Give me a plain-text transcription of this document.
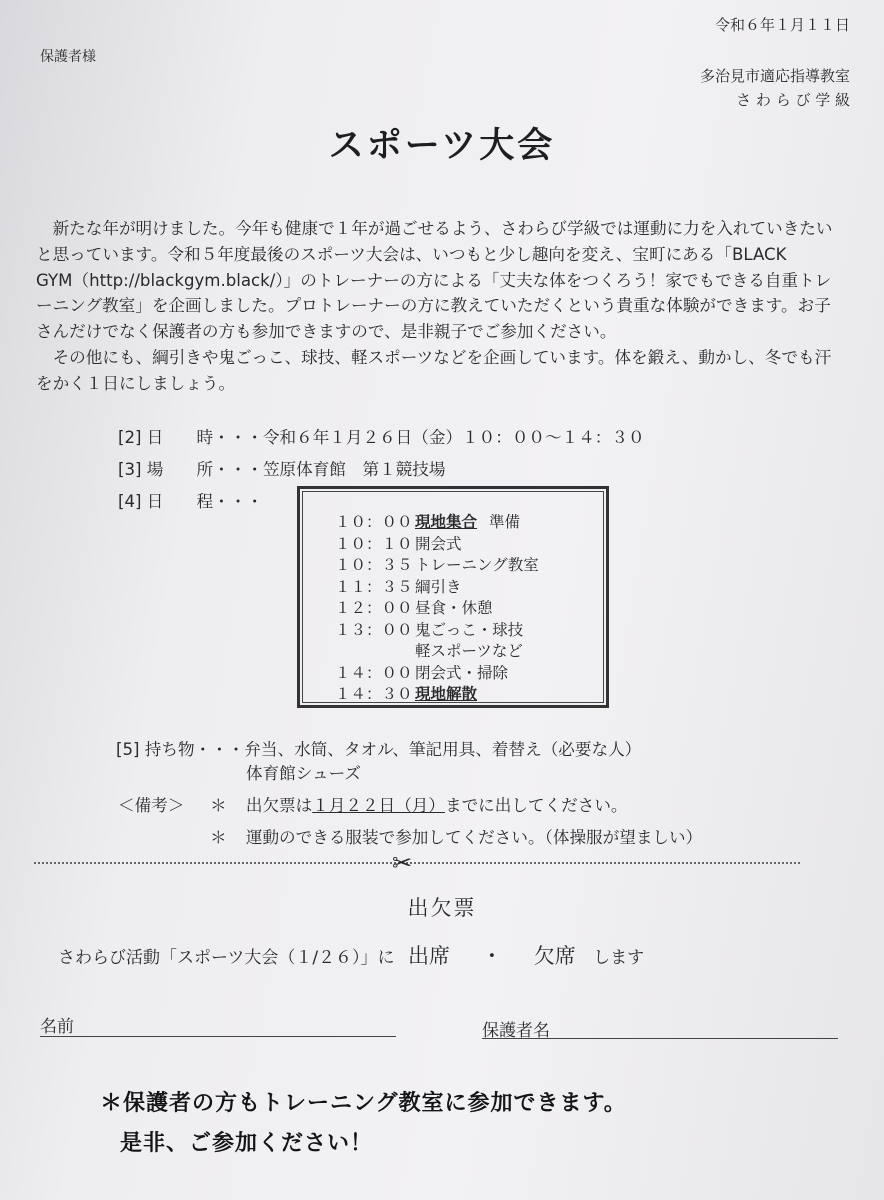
令和６年１月１１日
保護者様
多治見市適応指導教室
さ わ ら び 学 級
スポーツ大会

新たな年が明けました。今年も健康で１年が過ごせるよう、さわらび学級では運動に力を入れていきたいと思っています。令和５年度最後のスポーツ大会は、いつもと少し趣向を変え、宝町にある「BLACK　GYM（http://blackgym.black/）」のトレーナーの方による「丈夫な体をつくろう！家でもできる自重トレーニング教室」を企画しました。プロトレーナーの方に教えていただくという貴重な体験ができます。お子さんだけでなく保護者の方も参加できますので、是非親子でご参加ください。

その他にも、綱引きや鬼ごっこ、球技、軽スポーツなどを企画しています。体を鍛え、動かし、冬でも汗をかく１日にしましょう。

[2] 日　　時・・・令和６年１月２６日（金）１０：００～１４：３０
[3] 場　　所・・・笠原体育館　第１競技場
[4] 日　　程・・・
１０：００ 現地集合 準備
１０：１０ 開会式
１０：３５ トレーニング教室
１１：３５ 綱引き
１２：００ 昼食・休憩
１３：００ 鬼ごっこ・球技
軽スポーツなど
１４：００ 閉会式・掃除
１４：３０ 現地解散
[5] 持ち物・・・弁当、水筒、タオル、筆記用具、着替え（必要な人）
体育館シューズ
＜備考＞ ＊ 出欠票は１月２２日（月）までに出してください。
＊ 運動のできる服装で参加してください。（体操服が望ましい）
✂
出欠票
さわらび活動「スポーツ大会（１/２６）」に 出席 ・ 欠席 します
名前	保護者名
＊保護者の方もトレーニング教室に参加できます。
是非、ご参加ください！
